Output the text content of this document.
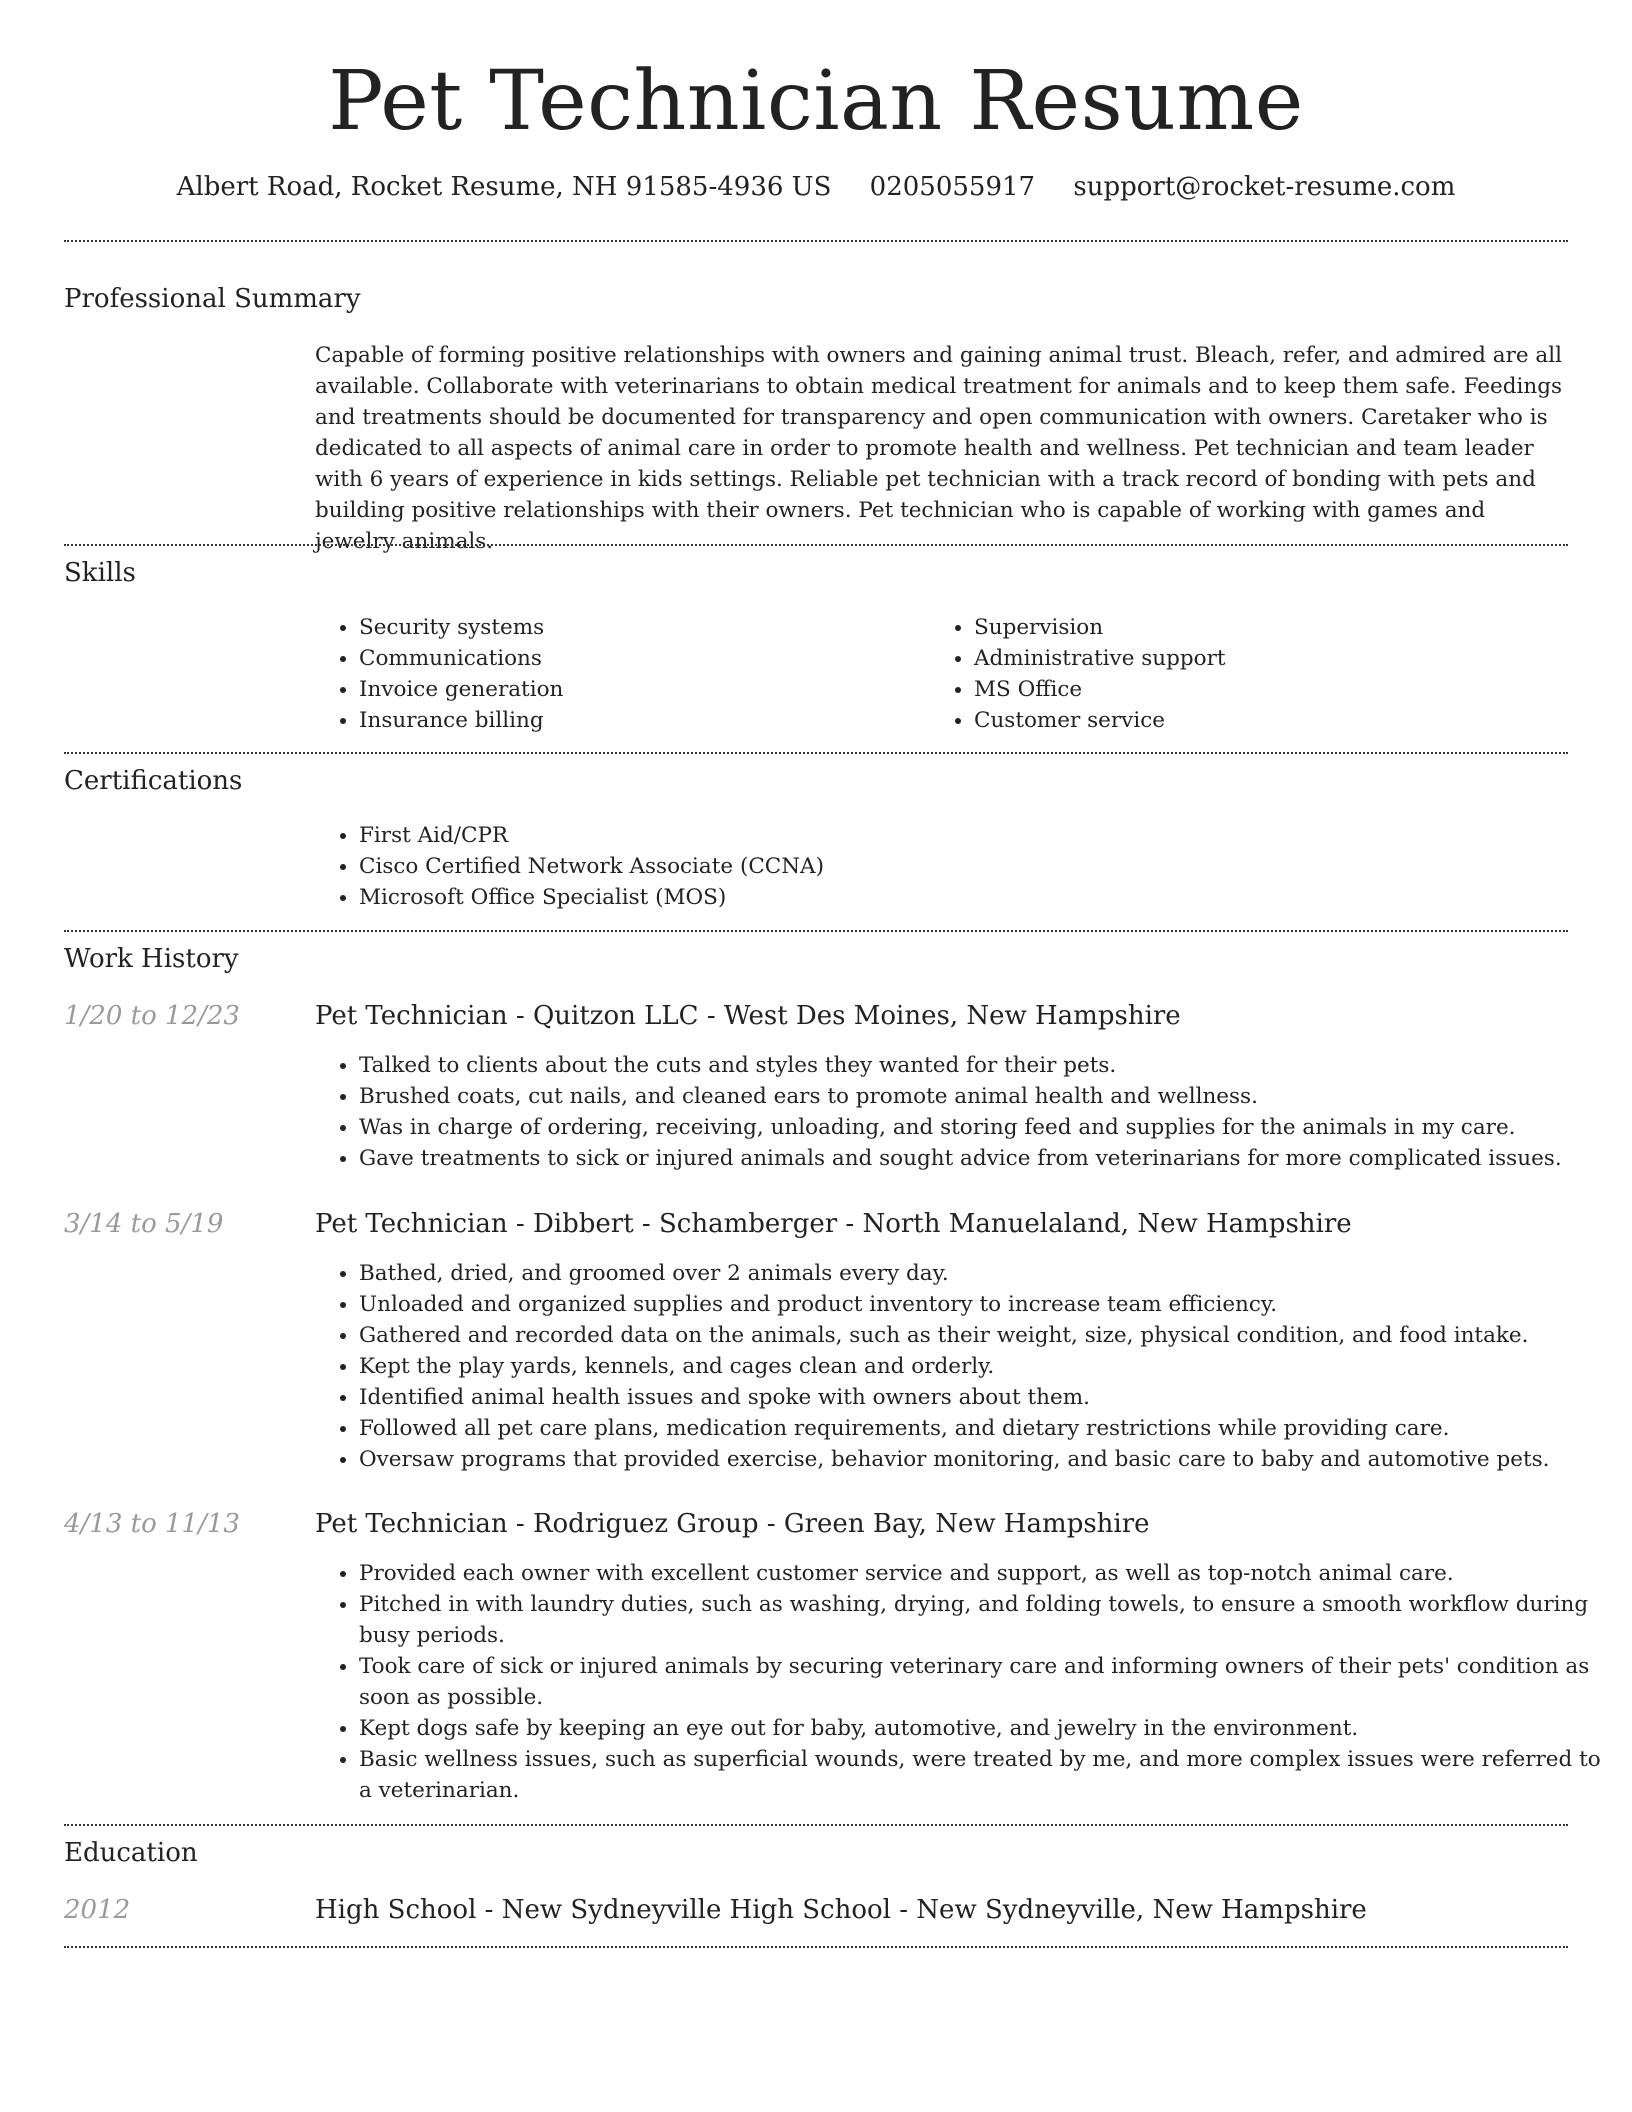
Pet Technician Resume
Albert Road, Rocket Resume, NH 91585-4936 US 0205055917 support@rocket-resume.com
Professional Summary

Capable of forming positive relationships with owners and gaining animal trust. Bleach, refer, and admired are all available. Collaborate with veterinarians to obtain medical treatment for animals and to keep them safe. Feedings and treatments should be documented for transparency and open communication with owners. Caretaker who is dedicated to all aspects of animal care in order to promote health and wellness. Pet technician and team leader with 6 years of experience in kids settings. Reliable pet technician with a track record of bonding with pets and building positive relationships with their owners. Pet technician who is capable of working with games and jewelry animals.

Skills
• Security systems
• Communications
• Invoice generation
• Insurance billing
• Supervision
• Administrative support
• MS Office
• Customer service
Certifications
• First Aid/CPR
• Cisco Certified Network Associate (CCNA)
• Microsoft Office Specialist (MOS)
Work History
1/20 to 12/23	Pet Technician - Quitzon LLC - West Des Moines, New Hampshire
• Talked to clients about the cuts and styles they wanted for their pets.
• Brushed coats, cut nails, and cleaned ears to promote animal health and wellness.
• Was in charge of ordering, receiving, unloading, and storing feed and supplies for the animals in my care.
• Gave treatments to sick or injured animals and sought advice from veterinarians for more complicated issues.
3/14 to 5/19	Pet Technician - Dibbert - Schamberger - North Manuelaland, New Hampshire
• Bathed, dried, and groomed over 2 animals every day.
• Unloaded and organized supplies and product inventory to increase team efficiency.
• Gathered and recorded data on the animals, such as their weight, size, physical condition, and food intake.
• Kept the play yards, kennels, and cages clean and orderly.
• Identified animal health issues and spoke with owners about them.
• Followed all pet care plans, medication requirements, and dietary restrictions while providing care.
• Oversaw programs that provided exercise, behavior monitoring, and basic care to baby and automotive pets.
4/13 to 11/13	Pet Technician - Rodriguez Group - Green Bay, New Hampshire
• Provided each owner with excellent customer service and support, as well as top-notch animal care.
• Pitched in with laundry duties, such as washing, drying, and folding towels, to ensure a smooth workflow during busy periods.
• Took care of sick or injured animals by securing veterinary care and informing owners of their pets' condition as soon as possible.
• Kept dogs safe by keeping an eye out for baby, automotive, and jewelry in the environment.
• Basic wellness issues, such as superficial wounds, were treated by me, and more complex issues were referred to a veterinarian.
Education
2012	High School - New Sydneyville High School - New Sydneyville, New Hampshire
